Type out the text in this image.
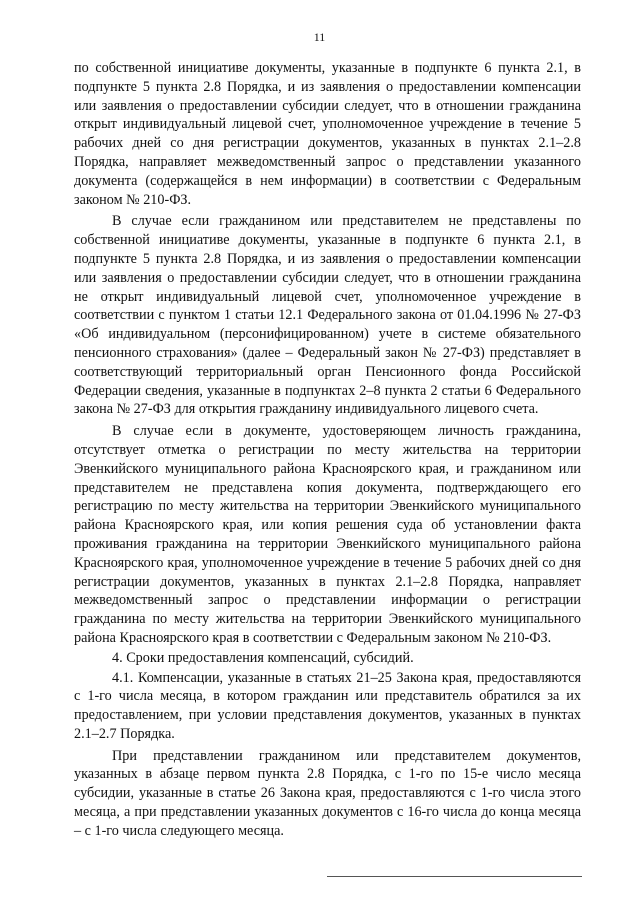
11

по собственной инициативе документы, указанные в подпункте 6 пункта 2.1, в подпункте 5 пункта 2.8 Порядка, и из заявления о предоставлении компенсации или заявления о предоставлении субсидии следует, что в отношении гражданина открыт индивидуальный лицевой счет, уполномоченное учреждение в течение 5 рабочих дней со дня регистрации документов, указанных в пунктах 2.1–2.8 Порядка, направляет межведомственный запрос о представлении указанного документа (содержащейся в нем информации) в соответствии с Федеральным законом № 210-ФЗ.

В случае если гражданином или представителем не представлены по собственной инициативе документы, указанные в подпункте 6 пункта 2.1, в подпункте 5 пункта 2.8 Порядка, и из заявления о предоставлении компенсации или заявления о предоставлении субсидии следует, что в отношении гражданина не открыт индивидуальный лицевой счет, уполномоченное учреждение в соответствии с пунктом 1 статьи 12.1 Федерального закона от 01.04.1996 № 27-ФЗ «Об индивидуальном (персонифицированном) учете в системе обязательного пенсионного страхования» (далее – Федеральный закон № 27-ФЗ) представляет в соответствующий территориальный орган Пенсионного фонда Российской Федерации сведения, указанные в подпунктах 2–8 пункта 2 статьи 6 Федерального закона № 27-ФЗ для открытия гражданину индивидуального лицевого счета.

В случае если в документе, удостоверяющем личность гражданина, отсутствует отметка о регистрации по месту жительства на территории Эвенкийского муниципального района Красноярского края, и гражданином или представителем не представлена копия документа, подтверждающего его регистрацию по месту жительства на территории Эвенкийского муниципального района Красноярского края, или копия решения суда об установлении факта проживания гражданина на территории Эвенкийского муниципального района Красноярского края, уполномоченное учреждение в течение 5 рабочих дней со дня регистрации документов, указанных в пунктах 2.1–2.8 Порядка, направляет межведомственный запрос о представлении информации о регистрации гражданина по месту жительства на территории Эвенкийского муниципального района Красноярского края в соответствии с Федеральным законом № 210-ФЗ.

4. Сроки предоставления компенсаций, субсидий.

4.1. Компенсации, указанные в статьях 21–25 Закона края, предоставляются с 1-го числа месяца, в котором гражданин или представитель обратился за их предоставлением, при условии представления документов, указанных в пунктах 2.1–2.7 Порядка.

При представлении гражданином или представителем документов, указанных в абзаце первом пункта 2.8 Порядка, с 1-го по 15-е число месяца субсидии, указанные в статье 26 Закона края, предоставляются с 1-го числа этого месяца, а при представлении указанных документов с 16-го числа до конца месяца – с 1-го числа следующего месяца.
